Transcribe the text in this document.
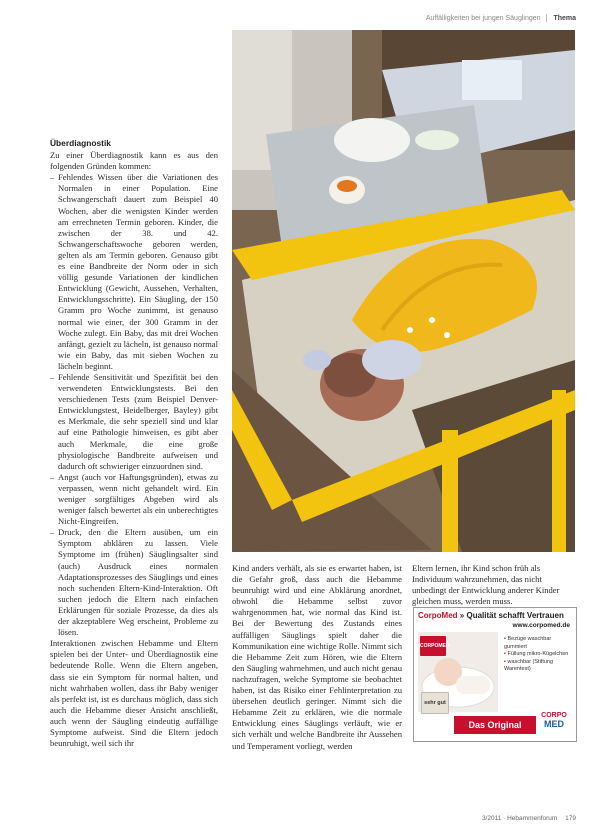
Auffälligkeiten bei jungen Säuglingen Thema
Überdiagnostik

Zu einer Überdiagnostik kann es aus den folgenden Gründen kommen:

– Fehlendes Wissen über die Variationen des Normalen in einer Population. Eine Schwangerschaft dauert zum Beispiel 40 Wochen, aber die wenigsten Kinder werden am errechneten Termin geboren. Kinder, die zwischen der 38. und 42. Schwangerschaftswoche geboren werden, gelten als am Termin geboren. Genauso gibt es eine Bandbreite der Norm oder in sich völlig gesunde Variationen der kindlichen Entwicklung (Gewicht, Aussehen, Verhalten, Entwicklungsschritte). Ein Säugling, der 150 Gramm pro Woche zunimmt, ist genauso normal wie einer, der 300 Gramm in der Woche zulegt. Ein Baby, das mit drei Wochen anfängt, gezielt zu lächeln, ist genauso normal wie ein Baby, das mit sieben Wochen zu lächeln beginnt.
– Fehlende Sensitivität und Spezifität bei den verwendeten Entwicklungstests. Bei den verschiedenen Tests (zum Beispiel Denver-Entwicklungstest, Heidelberger, Bayley) gibt es Merkmale, die sehr speziell sind und klar auf eine Pathologie hinweisen, es gibt aber auch Merkmale, die eine große physiologische Bandbreite aufweisen und dadurch oft schwieriger einzuordnen sind.
– Angst (auch vor Haftungsgründen), etwas zu verpassen, wenn nicht gehandelt wird. Ein weniger sorgfältiges Abgeben wird als weniger falsch bewertet als ein unberechtigtes Nicht-Eingreifen.
– Druck, den die Eltern ausüben, um ein Symptom abklären zu lassen. Viele Symptome im (frühen) Säuglingsalter sind (auch) Ausdruck eines normalen Adaptationsprozesses des Säuglings und eines noch suchenden Eltern-Kind-Interaktion. Oft suchen jedoch die Eltern nach einfachen Erklärungen für soziale Prozesse, da dies als der akzeptablere Weg erscheint, Probleme zu lösen.

Interaktionen zwischen Hebamme und Eltern spielen bei der Unter- und Überdiagnostik eine bedeutende Rolle. Wenn die Eltern angeben, dass sie ein Symptom für normal halten, und nicht wahrhaben wollen, dass ihr Baby weniger als perfekt ist, ist es durchaus möglich, dass sich auch die Hebamme dieser Ansicht anschließt, auch wenn der Säugling eindeutig auffällige Symptome aufweist. Sind die Eltern jedoch beunruhigt, weil sich ihr

Kind anders verhält, als sie es erwartet haben, ist die Gefahr groß, dass auch die Hebamme beunruhigt wird und eine Abklärung anordnet, obwohl die Hebamme selbst zuvor wahrgenommen hat, wie normal das Kind ist. Bei der Bewertung des Zustands eines auffälligen Säuglings spielt daher die Kommunikation eine wichtige Rolle. Nimmt sich die Hebamme Zeit zum Hören, wie die Eltern den Säugling wahrnehmen, und auch nicht genau nachzufragen, welche Symptome sie beobachtet haben, ist das Risiko einer Fehlinterpretation zu übersehen deutlich geringer. Nimmt sich die Hebamme Zeit zu erklären, wie die normale Entwicklung eines Säuglings verläuft, wie er sich verhält und welche Bandbreite ihr Aussehen und Temperament vorliegt, werden

Eltern lernen, ihr Kind schon früh als Individuum wahrzunehmen, das nicht unbedingt der Entwicklung anderer Kinder gleichen muss, werden muss.

CorpoMed » Qualität schafft Vertrauen
www.corpomed.de
CORPOMED
sehr gut
▪ Bezüge waschbar gummiert
▪ Füllung mikro-Kügelchen
▪ waschbar (Stiftung Warentest)
Das Original
CORPO
MED
3/2011 · Hebammenforum 179
